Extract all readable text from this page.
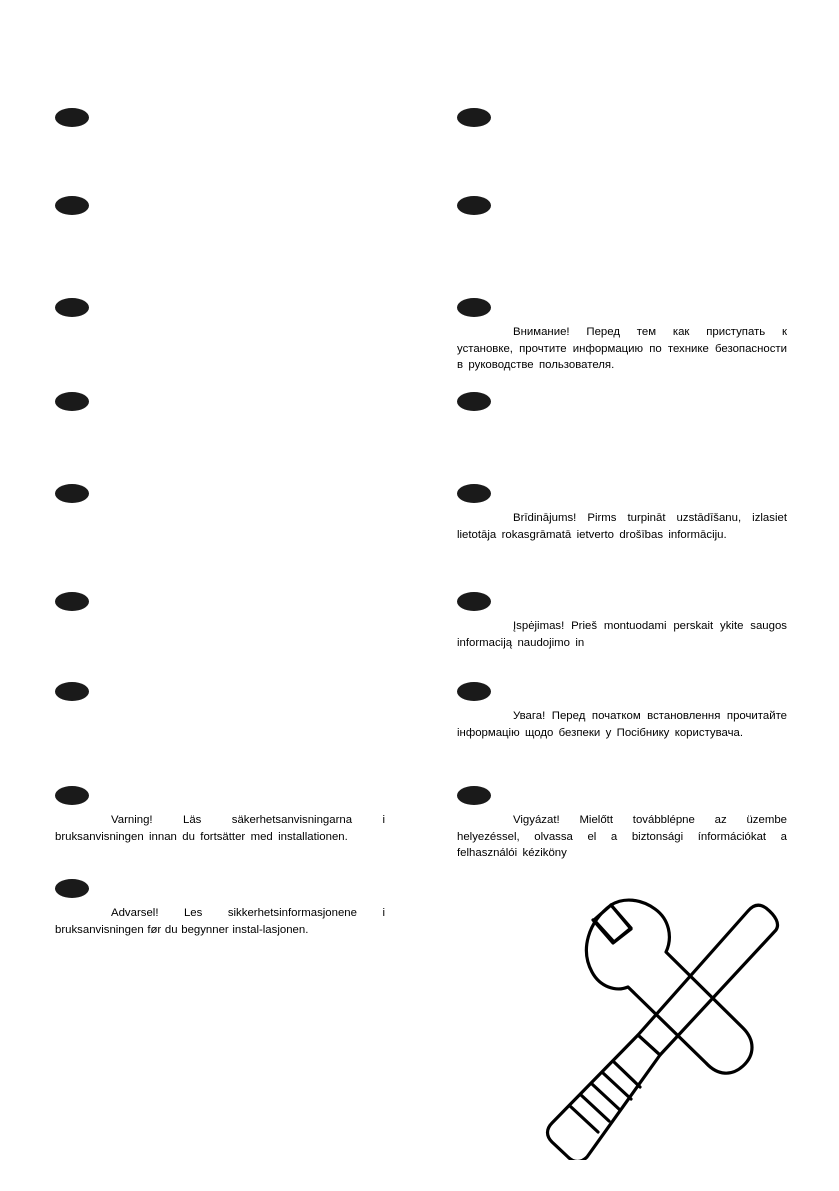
Varning! Läs säkerhetsanvisningarna i bruksanvisningen innan du fortsätter med installationen.
Advarsel! Les sikkerhetsinformasjonene i bruksanvisningen før du begynner instal-lasjonen.
Внимание! Перед тем как приступать к установке, прочтите информацию по технике безопасности в руководстве пользователя.
Brīdinājums! Pirms turpināt uzstādīšanu, izlasiet lietotāja rokasgrāmatā ietverto drošības informāciju.
Įspėjimas! Prieš montuodami perskait ykite saugos informaciją naudojimo in
Увага! Перед початком встановлення прочитайте інформацію щодо безпеки у Посібнику користувача.
Vigyázat! Mielőtt továbblépne az üzembe helyezéssel, olvassa el a biztonsági ínformációkat a felhasználói kéziköny
